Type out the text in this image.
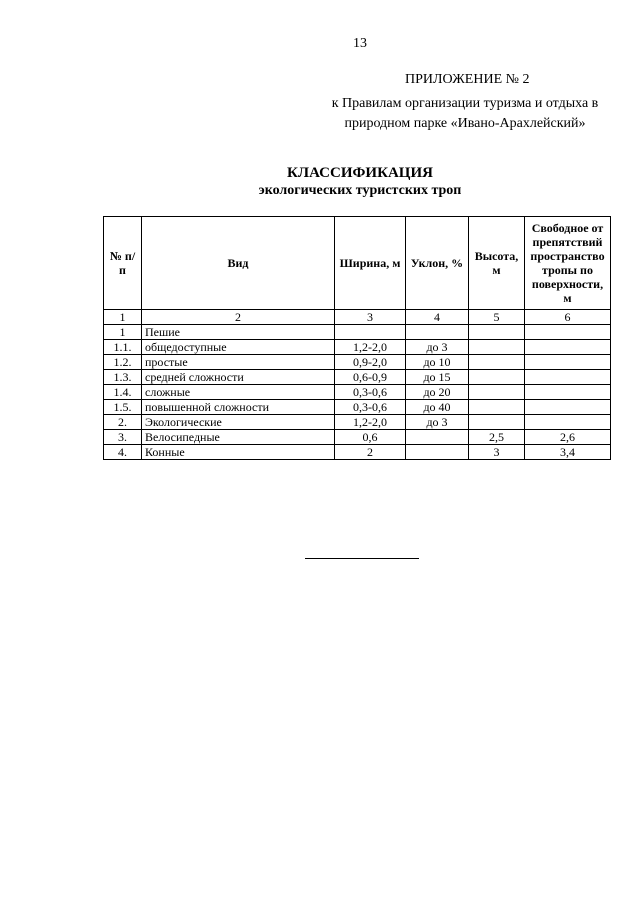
13
ПРИЛОЖЕНИЕ № 2
к Правилам организации туризма и отдыха в
природном парке «Ивано-Арахлейский»
КЛАССИФИКАЦИЯ
экологических туристских троп
№ п/п	Вид	Ширина, м	Уклон, %	Высота, м	Свободное от препятствий пространство тропы по поверхности, м
1	2	3	4	5	6
1	Пешие				
1.1.	общедоступные	1,2-2,0	до 3		
1.2.	простые	0,9-2,0	до 10		
1.3.	средней сложности	0,6-0,9	до 15		
1.4.	сложные	0,3-0,6	до 20		
1.5.	повышенной сложности	0,3-0,6	до 40		
2.	Экологические	1,2-2,0	до 3		
3.	Велосипедные	0,6		2,5	2,6
4.	Конные	2		3	3,4
